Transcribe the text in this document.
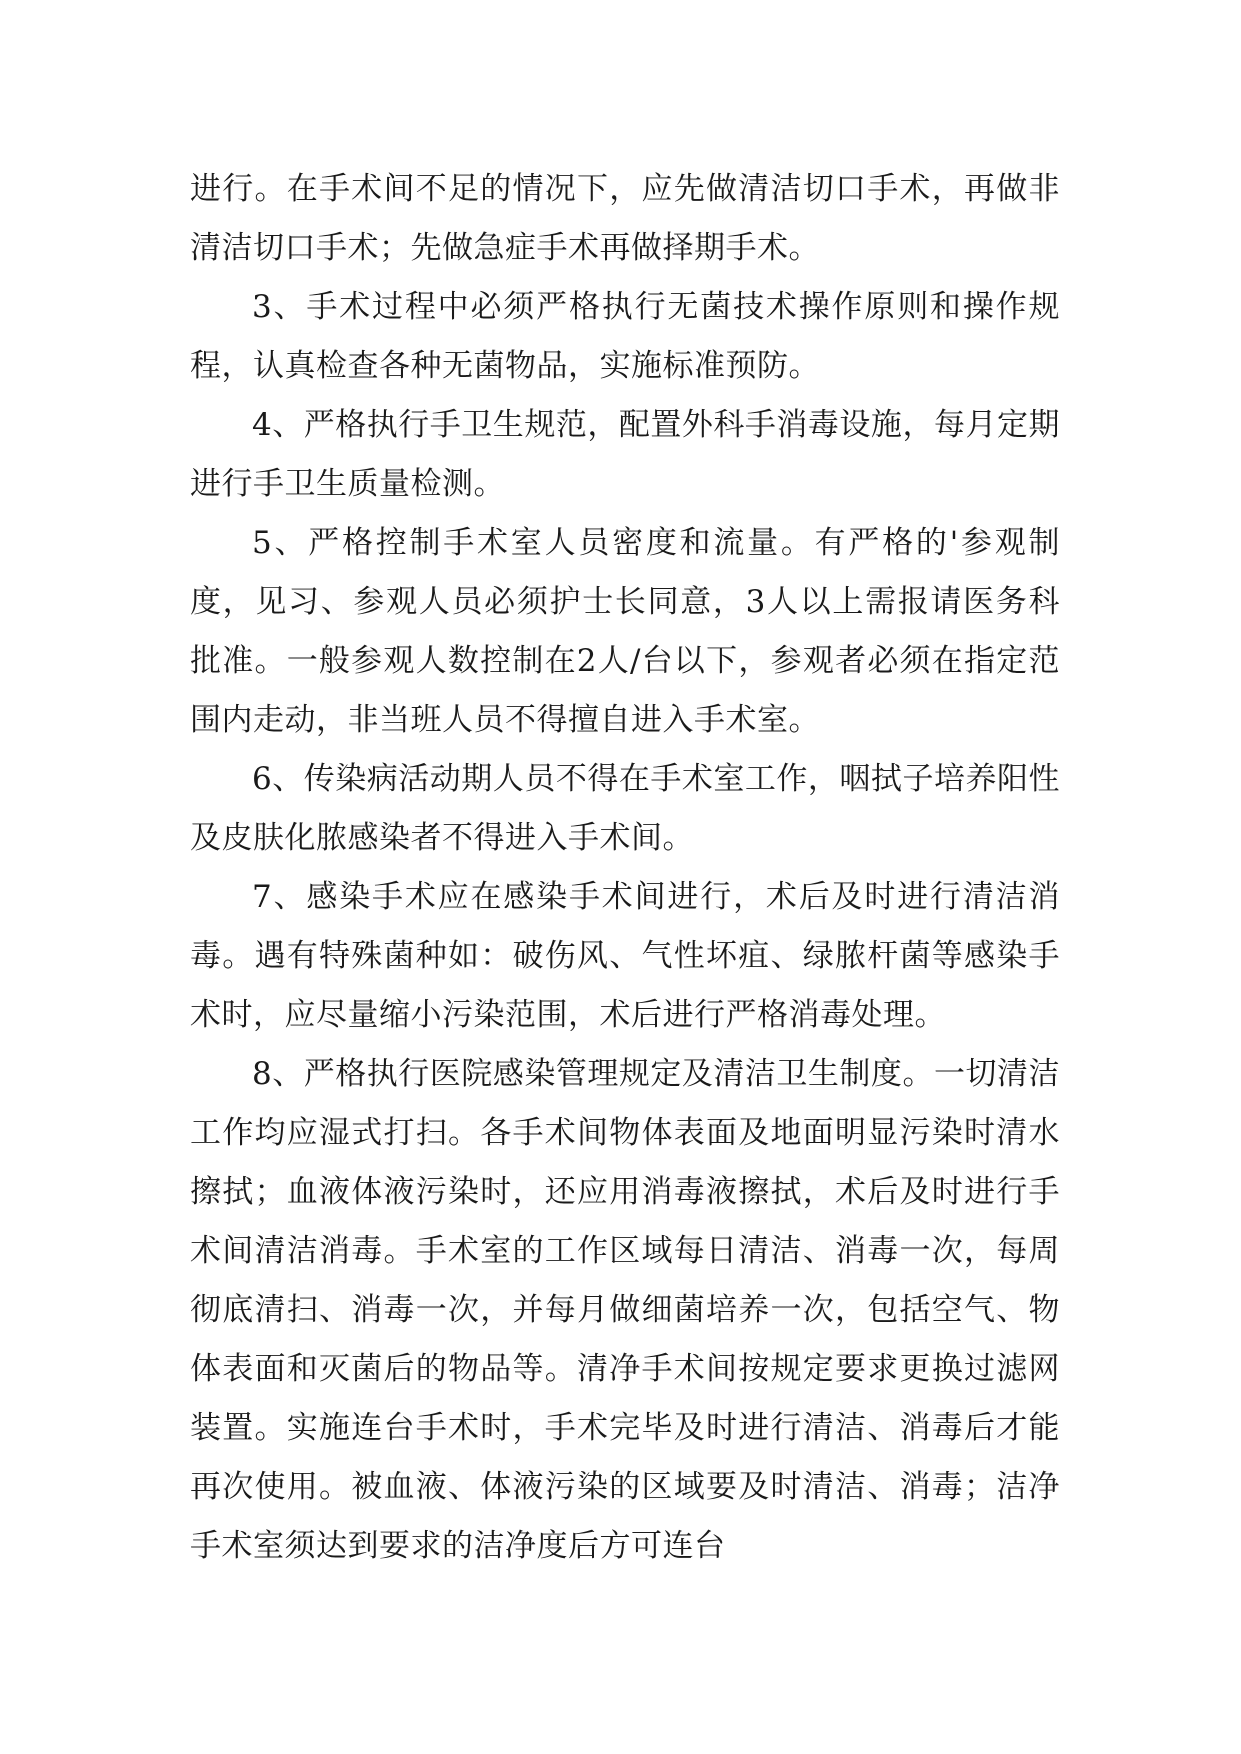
进行。在手术间不足的情况下，应先做清洁切口手术，再做非清洁切口手术；先做急症手术再做择期手术。

3、手术过程中必须严格执行无菌技术操作原则和操作规程，认真检查各种无菌物品，实施标准预防。

4、严格执行手卫生规范，配置外科手消毒设施，每月定期进行手卫生质量检测。

5、严格控制手术室人员密度和流量。有严格的'参观制度，见习、参观人员必须护士长同意，3人以上需报请医务科批准。一般参观人数控制在2人/台以下，参观者必须在指定范围内走动，非当班人员不得擅自进入手术室。

6、传染病活动期人员不得在手术室工作，咽拭子培养阳性及皮肤化脓感染者不得进入手术间。

7、感染手术应在感染手术间进行，术后及时进行清洁消毒。遇有特殊菌种如：破伤风、气性坏疽、绿脓杆菌等感染手术时，应尽量缩小污染范围，术后进行严格消毒处理。

8、严格执行医院感染管理规定及清洁卫生制度。一切清洁工作均应湿式打扫。各手术间物体表面及地面明显污染时清水擦拭；血液体液污染时，还应用消毒液擦拭，术后及时进行手术间清洁消毒。手术室的工作区域每日清洁、消毒一次，每周彻底清扫、消毒一次，并每月做细菌培养一次，包括空气、物体表面和灭菌后的物品等。清净手术间按规定要求更换过滤网装置。实施连台手术时，手术完毕及时进行清洁、消毒后才能再次使用。被血液、体液污染的区域要及时清洁、消毒；洁净手术室须达到要求的洁净度后方可连台
